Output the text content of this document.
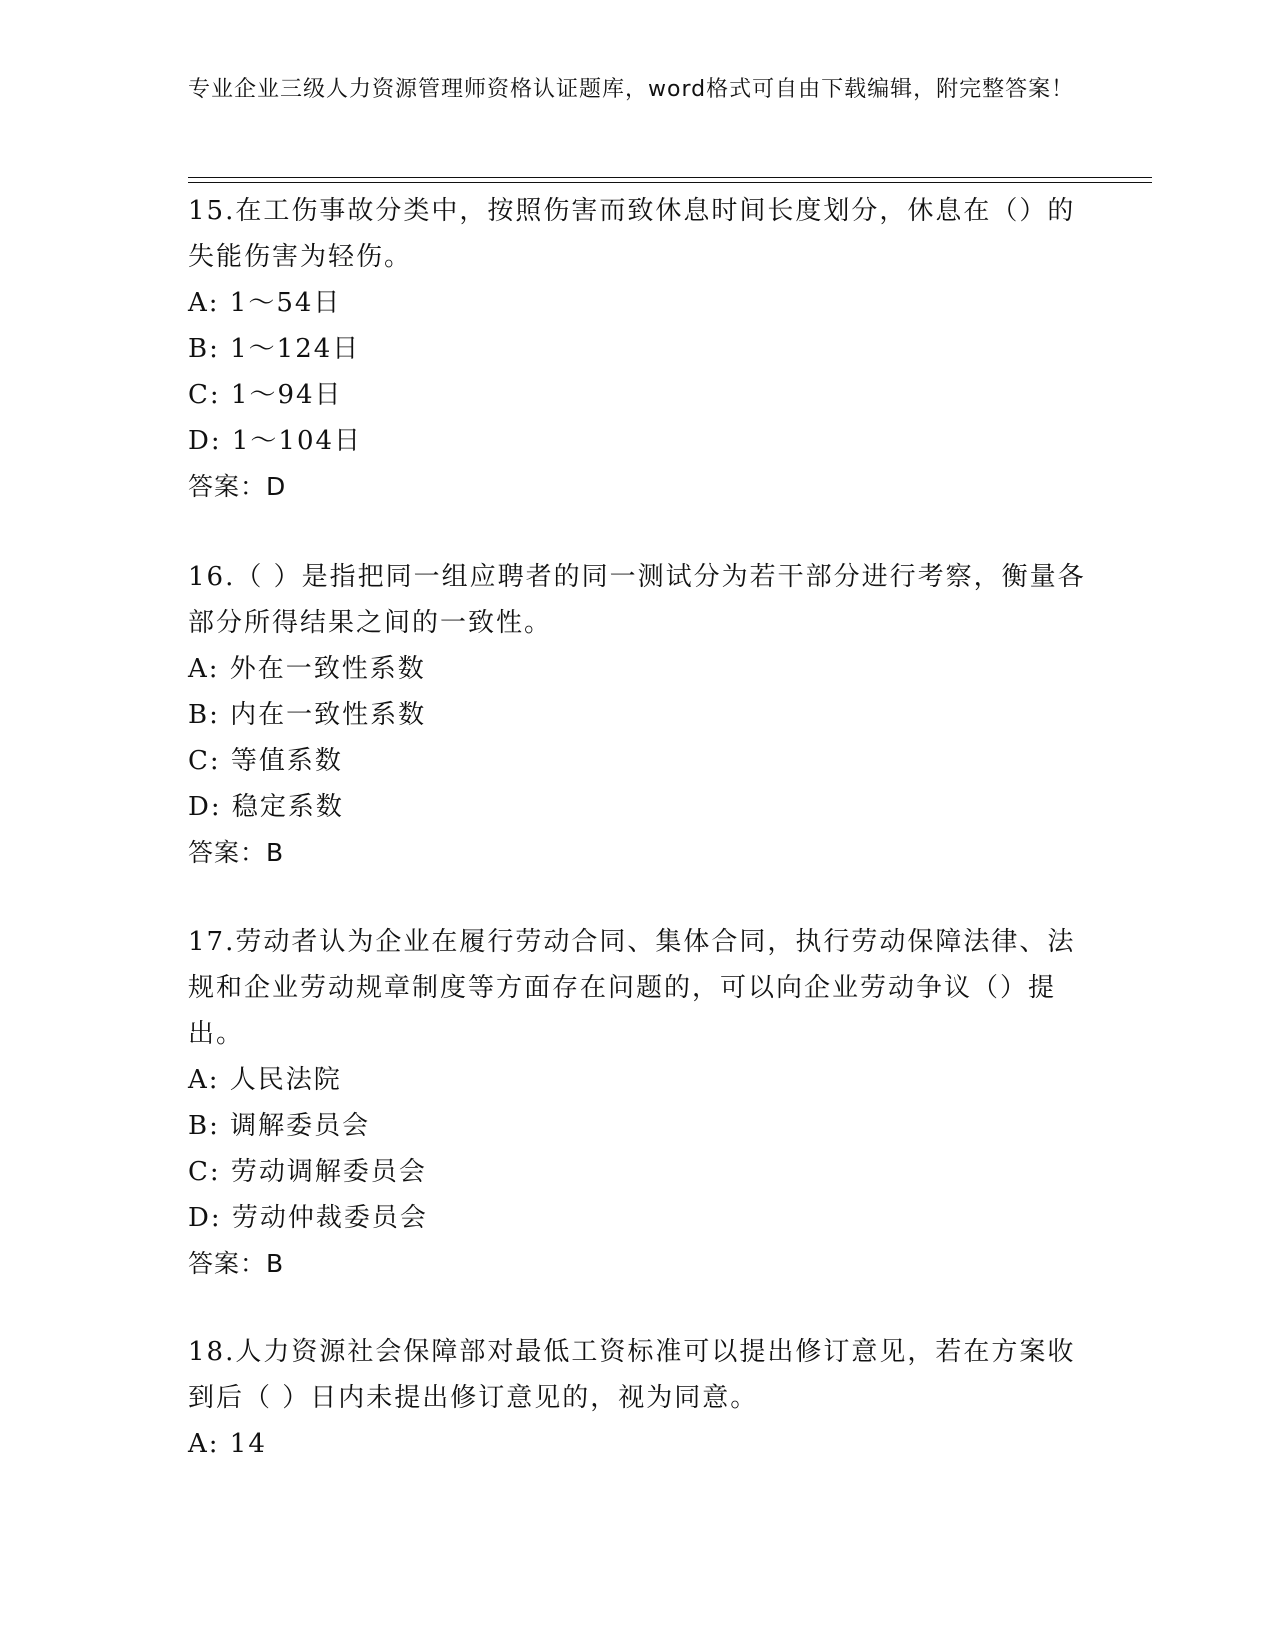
专业企业三级人力资源管理师资格认证题库，word格式可自由下载编辑，附完整答案！
15.在工伤事故分类中，按照伤害而致休息时间长度划分，休息在（）的失能伤害为轻伤。
A: 1～54日
B: 1～124日
C: 1～94日
D: 1～104日
答案：D
16.（ ）是指把同一组应聘者的同一测试分为若干部分进行考察，衡量各部分所得结果之间的一致性。
A: 外在一致性系数
B: 内在一致性系数
C: 等值系数
D: 稳定系数
答案：B
17.劳动者认为企业在履行劳动合同、集体合同，执行劳动保障法律、法规和企业劳动规章制度等方面存在问题的，可以向企业劳动争议（）提出。
A: 人民法院
B: 调解委员会
C: 劳动调解委员会
D: 劳动仲裁委员会
答案：B
18.人力资源社会保障部对最低工资标准可以提出修订意见，若在方案收到后（ ）日内未提出修订意见的，视为同意。
A: 14
